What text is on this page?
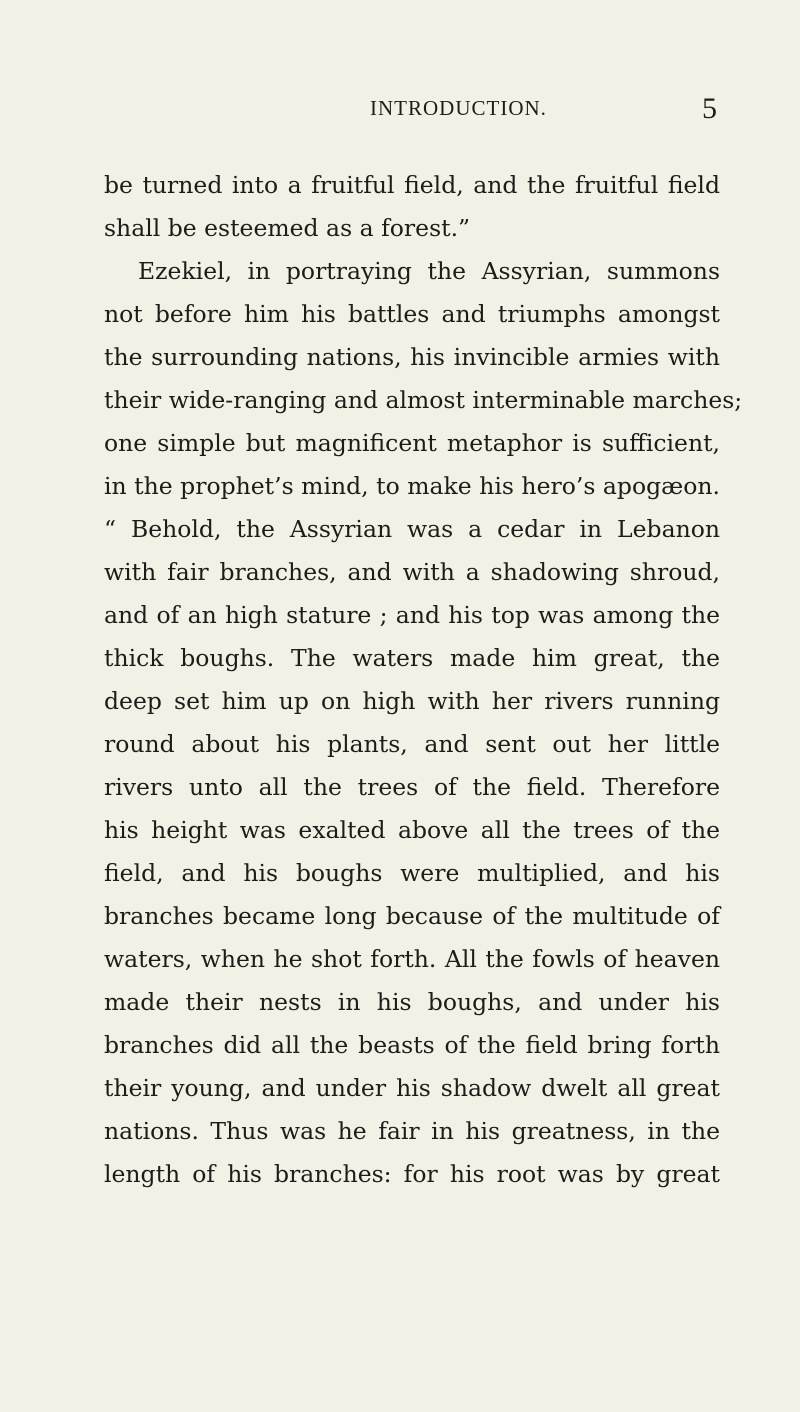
INTRODUCTION.	5
be turned into a fruitful field, and the fruitful field
shall be esteemed as a forest.”
Ezekiel, in portraying the Assyrian, summons
not before him his battles and triumphs amongst
the surrounding nations, his invincible armies with
their wide-ranging and almost interminable marches;
one simple but magnificent metaphor is sufficient,
in the prophet’s mind, to make his hero’s apogæon.
“ Behold, the Assyrian was a cedar in Lebanon
with fair branches, and with a shadowing shroud,
and of an high stature ; and his top was among the
thick boughs. The waters made him great, the
deep set him up on high with her rivers running
round about his plants, and sent out her little
rivers unto all the trees of the field. Therefore
his height was exalted above all the trees of the
field, and his boughs were multiplied, and his
branches became long because of the multitude of
waters, when he shot forth. All the fowls of heaven
made their nests in his boughs, and under his
branches did all the beasts of the field bring forth
their young, and under his shadow dwelt all great
nations. Thus was he fair in his greatness, in the
length of his branches: for his root was by great
